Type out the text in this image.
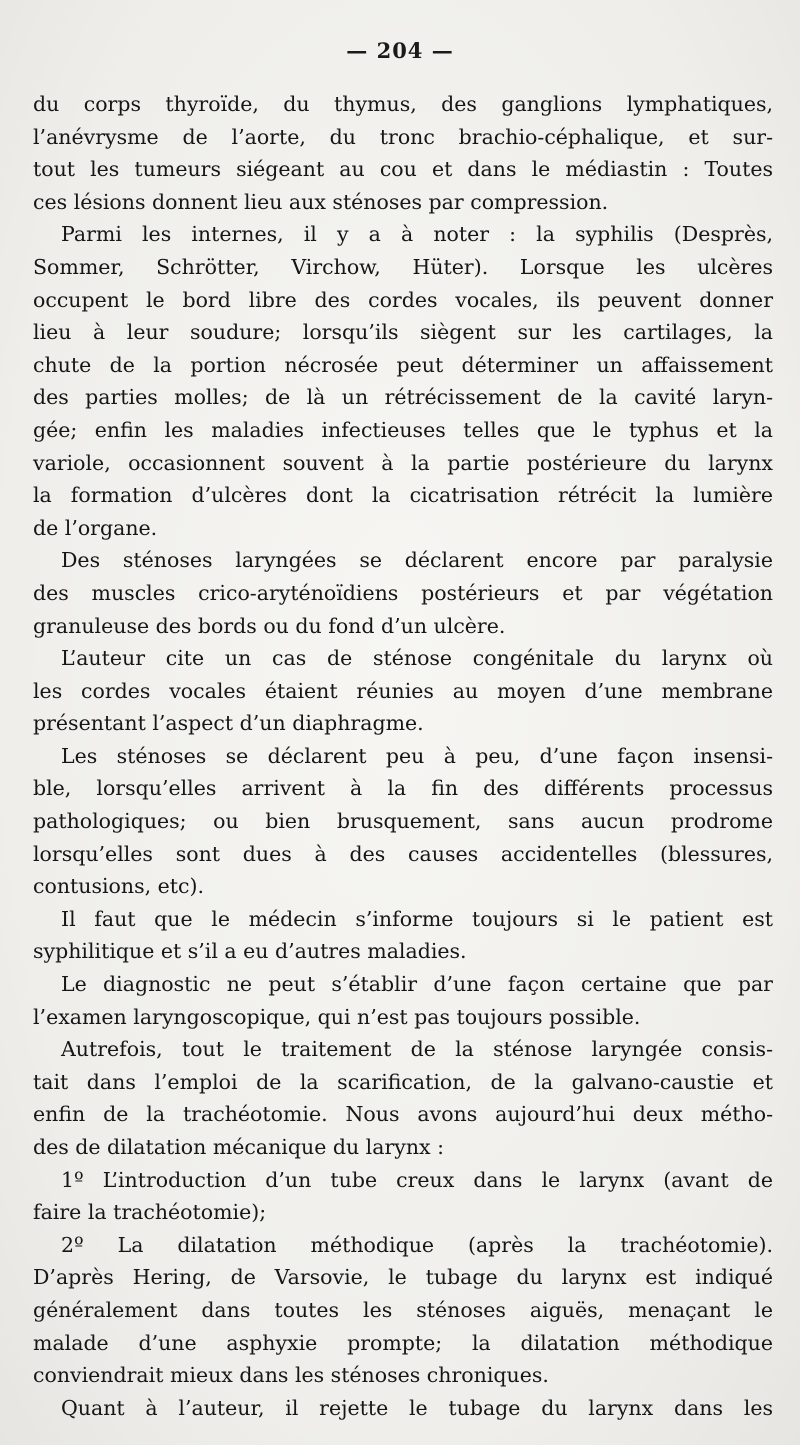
— 204 —
du corps thyroïde, du thymus, des ganglions lymphatiques,
l’anévrysme de l’aorte, du tronc brachio-céphalique, et sur-
tout les tumeurs siégeant au cou et dans le médiastin : Toutes
ces lésions donnent lieu aux sténoses par compression.
Parmi les internes, il y a à noter : la syphilis (Desprès,
Sommer, Schrötter, Virchow, Hüter). Lorsque les ulcères
occupent le bord libre des cordes vocales, ils peuvent donner
lieu à leur soudure; lorsqu’ils siègent sur les cartilages, la
chute de la portion nécrosée peut déterminer un affaissement
des parties molles; de là un rétrécissement de la cavité laryn-
gée; enfin les maladies infectieuses telles que le typhus et la
variole, occasionnent souvent à la partie postérieure du larynx
la formation d’ulcères dont la cicatrisation rétrécit la lumière
de l’organe.
Des sténoses laryngées se déclarent encore par paralysie
des muscles crico-aryténoïdiens postérieurs et par végétation
granuleuse des bords ou du fond d’un ulcère.
L’auteur cite un cas de sténose congénitale du larynx où
les cordes vocales étaient réunies au moyen d’une membrane
présentant l’aspect d’un diaphragme.
Les sténoses se déclarent peu à peu, d’une façon insensi-
ble, lorsqu’elles arrivent à la fin des différents processus
pathologiques; ou bien brusquement, sans aucun prodrome
lorsqu’elles sont dues à des causes accidentelles (blessures,
contusions, etc).
Il faut que le médecin s’informe toujours si le patient est
syphilitique et s’il a eu d’autres maladies.
Le diagnostic ne peut s’établir d’une façon certaine que par
l’examen laryngoscopique, qui n’est pas toujours possible.
Autrefois, tout le traitement de la sténose laryngée consis-
tait dans l’emploi de la scarification, de la galvano-caustie et
enfin de la trachéotomie. Nous avons aujourd’hui deux métho-
des de dilatation mécanique du larynx :
1º L’introduction d’un tube creux dans le larynx (avant de
faire la trachéotomie);
2º La dilatation méthodique (après la trachéotomie).
D’après Hering, de Varsovie, le tubage du larynx est indiqué
généralement dans toutes les sténoses aiguës, menaçant le
malade d’une asphyxie prompte; la dilatation méthodique
conviendrait mieux dans les sténoses chroniques.
Quant à l’auteur, il rejette le tubage du larynx dans les
